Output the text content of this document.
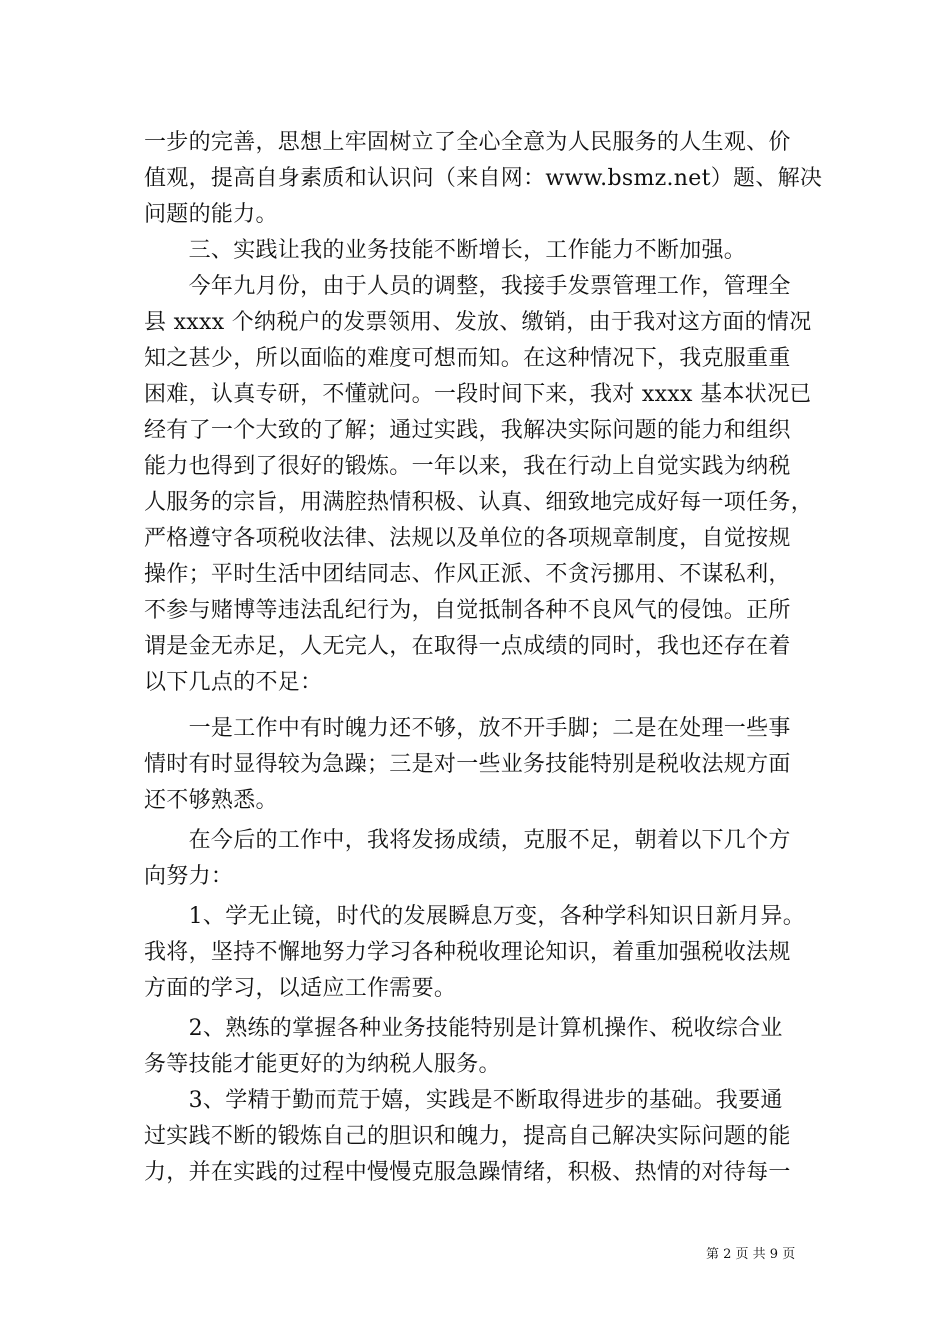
一步的完善，思想上牢固树立了全心全意为人民服务的人生观、价
值观，提高自身素质和认识问（来自网：www.bsmz.net）题、解决
问题的能力。
　　三、实践让我的业务技能不断增长，工作能力不断加强。
　　今年九月份，由于人员的调整，我接手发票管理工作，管理全
县 xxxx 个纳税户的发票领用、发放、缴销，由于我对这方面的情况
知之甚少，所以面临的难度可想而知。在这种情况下，我克服重重
困难，认真专研，不懂就问。一段时间下来，我对 xxxx 基本状况已
经有了一个大致的了解；通过实践，我解决实际问题的能力和组织
能力也得到了很好的锻炼。一年以来，我在行动上自觉实践为纳税
人服务的宗旨，用满腔热情积极、认真、细致地完成好每一项任务，
严格遵守各项税收法律、法规以及单位的各项规章制度，自觉按规
操作；平时生活中团结同志、作风正派、不贪污挪用、不谋私利，
不参与赌博等违法乱纪行为，自觉抵制各种不良风气的侵蚀。正所
谓是金无赤足，人无完人，在取得一点成绩的同时，我也还存在着
以下几点的不足：
　　一是工作中有时魄力还不够，放不开手脚；二是在处理一些事
情时有时显得较为急躁；三是对一些业务技能特别是税收法规方面
还不够熟悉。
　　在今后的工作中，我将发扬成绩，克服不足，朝着以下几个方
向努力：
　　1、学无止镜，时代的发展瞬息万变，各种学科知识日新月异。
我将，坚持不懈地努力学习各种税收理论知识，着重加强税收法规
方面的学习，以适应工作需要。
　　2、熟练的掌握各种业务技能特别是计算机操作、税收综合业
务等技能才能更好的为纳税人服务。
　　3、学精于勤而荒于嬉，实践是不断取得进步的基础。我要通
过实践不断的锻炼自己的胆识和魄力，提高自己解决实际问题的能
力，并在实践的过程中慢慢克服急躁情绪，积极、热情的对待每一
第 2 页 共 9 页
